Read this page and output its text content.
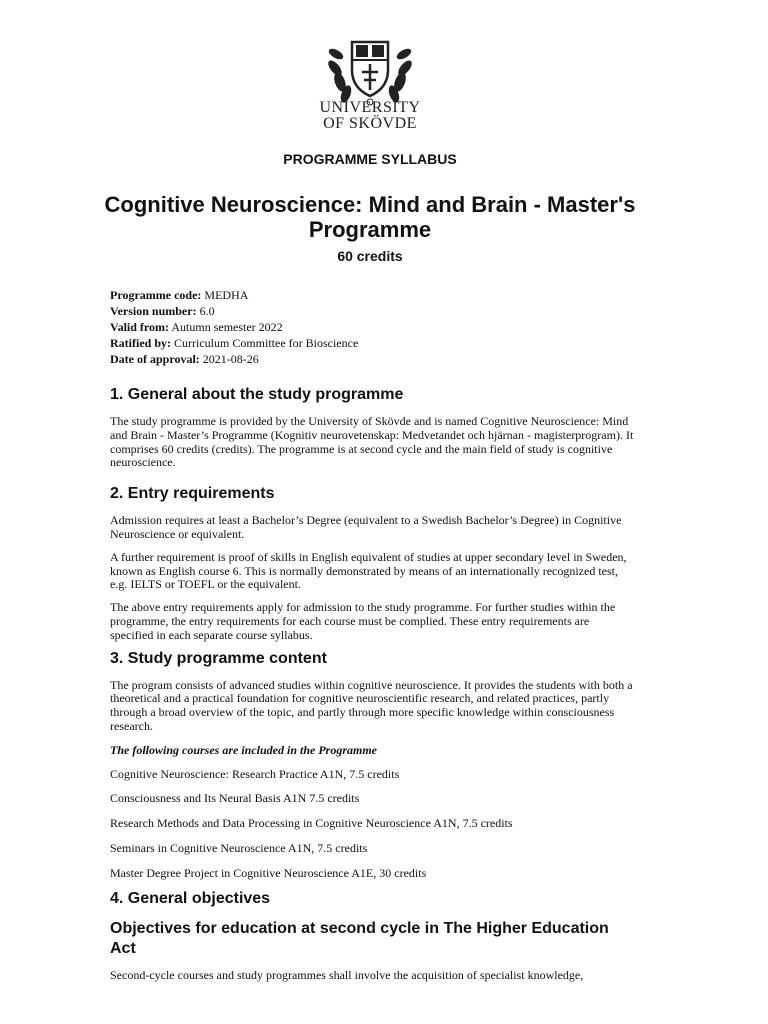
UNIVERSITY
OF SKÖVDE
PROGRAMME SYLLABUS
Cognitive Neuroscience: Mind and Brain - Master's Programme
60 credits
Programme code: MEDHA
Version number: 6.0
Valid from: Autumn semester 2022
Ratified by: Curriculum Committee for Bioscience
Date of approval: 2021-08-26
1. General about the study programme

The study programme is provided by the University of Skövde and is named Cognitive Neuroscience: Mind and Brain - Master’s Programme (Kognitiv neurovetenskap: Medvetandet och hjärnan - magisterprogram). It comprises 60 credits (credits). The programme is at second cycle and the main field of study is cognitive neuroscience.

2. Entry requirements

Admission requires at least a Bachelor’s Degree (equivalent to a Swedish Bachelor’s Degree) in Cognitive Neuroscience or equivalent.

A further requirement is proof of skills in English equivalent of studies at upper secondary level in Sweden, known as English course 6. This is normally demonstrated by means of an internationally recognized test, e.g. IELTS or TOEFL or the equivalent.

The above entry requirements apply for admission to the study programme. For further studies within the programme, the entry requirements for each course must be complied. These entry requirements are specified in each separate course syllabus.

3. Study programme content

The program consists of advanced studies within cognitive neuroscience. It provides the students with both a theoretical and a practical foundation for cognitive neuroscientific research, and related practices, partly through a broad overview of the topic, and partly through more specific knowledge within consciousness research.

The following courses are included in the Programme

Cognitive Neuroscience: Research Practice A1N, 7.5 credits

Consciousness and Its Neural Basis A1N 7.5 credits

Research Methods and Data Processing in Cognitive Neuroscience A1N, 7.5 credits

Seminars in Cognitive Neuroscience A1N, 7.5 credits

Master Degree Project in Cognitive Neuroscience A1E, 30 credits

4. General objectives
Objectives for education at second cycle in The Higher Education Act

Second-cycle courses and study programmes shall involve the acquisition of specialist knowledge,
